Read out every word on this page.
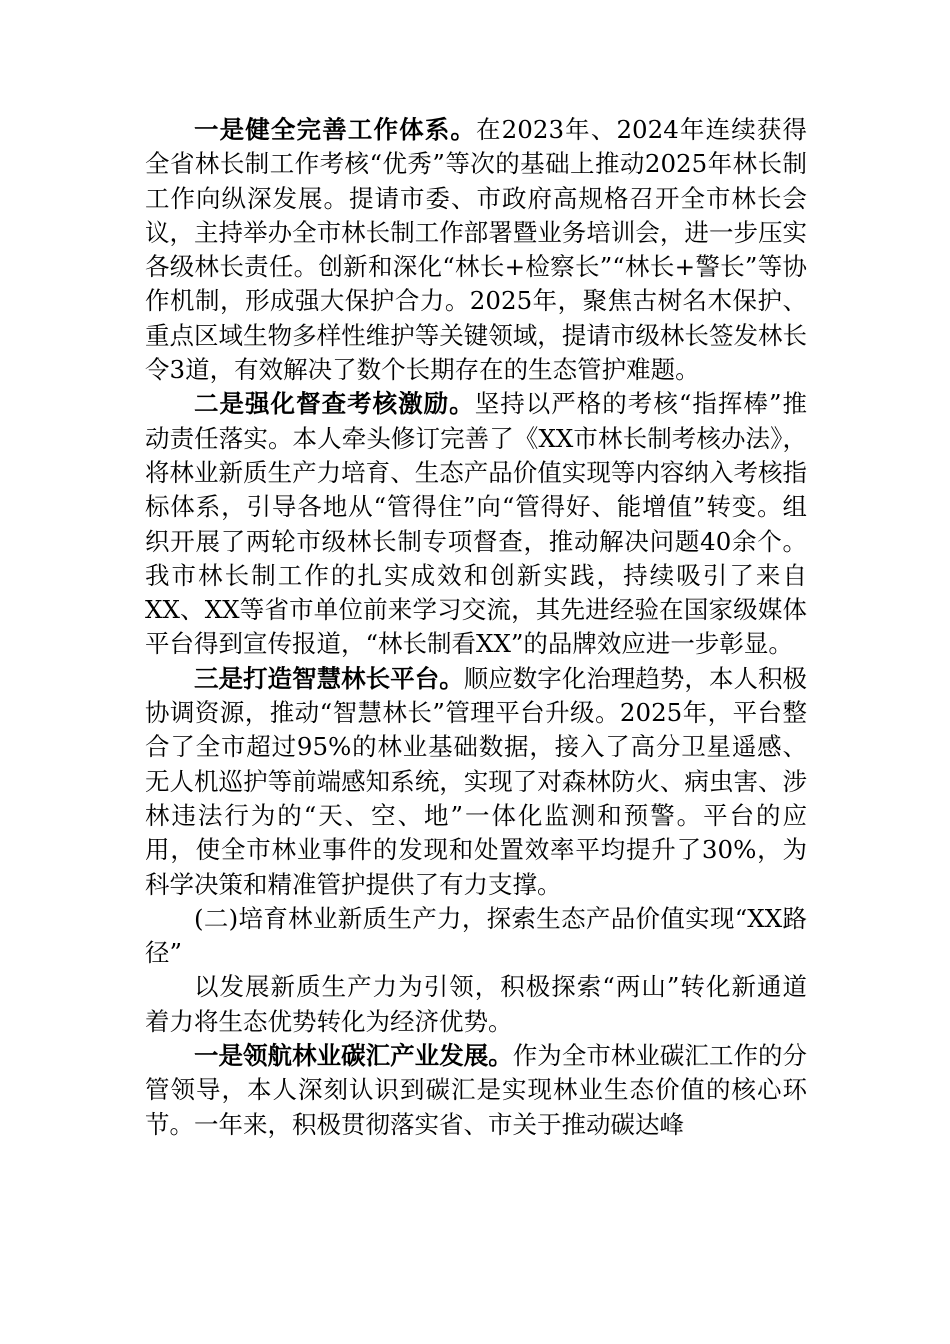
一是健全完善工作体系。在2023年、2024年连续获得全省林长制工作考核“优秀”等次的基础上推动2025年林长制工作向纵深发展。提请市委、市政府高规格召开全市林长会议，主持举办全市林长制工作部署暨业务培训会，进一步压实各级林长责任。创新和深化“林长+检察长”“林长+警长”等协作机制，形成强大保护合力。2025年，聚焦古树名木保护、重点区域生物多样性维护等关键领域，提请市级林长签发林长令3道，有效解决了数个长期存在的生态管护难题。

二是强化督查考核激励。坚持以严格的考核“指挥棒”推动责任落实。本人牵头修订完善了《XX市林长制考核办法》，将林业新质生产力培育、生态产品价值实现等内容纳入考核指标体系，引导各地从“管得住”向“管得好、能增值”转变。组织开展了两轮市级林长制专项督查，推动解决问题40余个。我市林长制工作的扎实成效和创新实践，持续吸引了来自XX、XX等省市单位前来学习交流，其先进经验在国家级媒体平台得到宣传报道，“林长制看XX”的品牌效应进一步彰显。

三是打造智慧林长平台。顺应数字化治理趋势，本人积极协调资源，推动“智慧林长”管理平台升级。2025年，平台整合了全市超过95%的林业基础数据，接入了高分卫星遥感、无人机巡护等前端感知系统，实现了对森林防火、病虫害、涉林违法行为的“天、空、地”一体化监测和预警。平台的应用，使全市林业事件的发现和处置效率平均提升了30%，为科学决策和精准管护提供了有力支撑。

(二)培育林业新质生产力，探索生态产品价值实现“XX路径”

以发展新质生产力为引领，积极探索“两山”转化新通道着力将生态优势转化为经济优势。

一是领航林业碳汇产业发展。作为全市林业碳汇工作的分管领导，本人深刻认识到碳汇是实现林业生态价值的核心环节。一年来，积极贯彻落实省、市关于推动碳达峰
